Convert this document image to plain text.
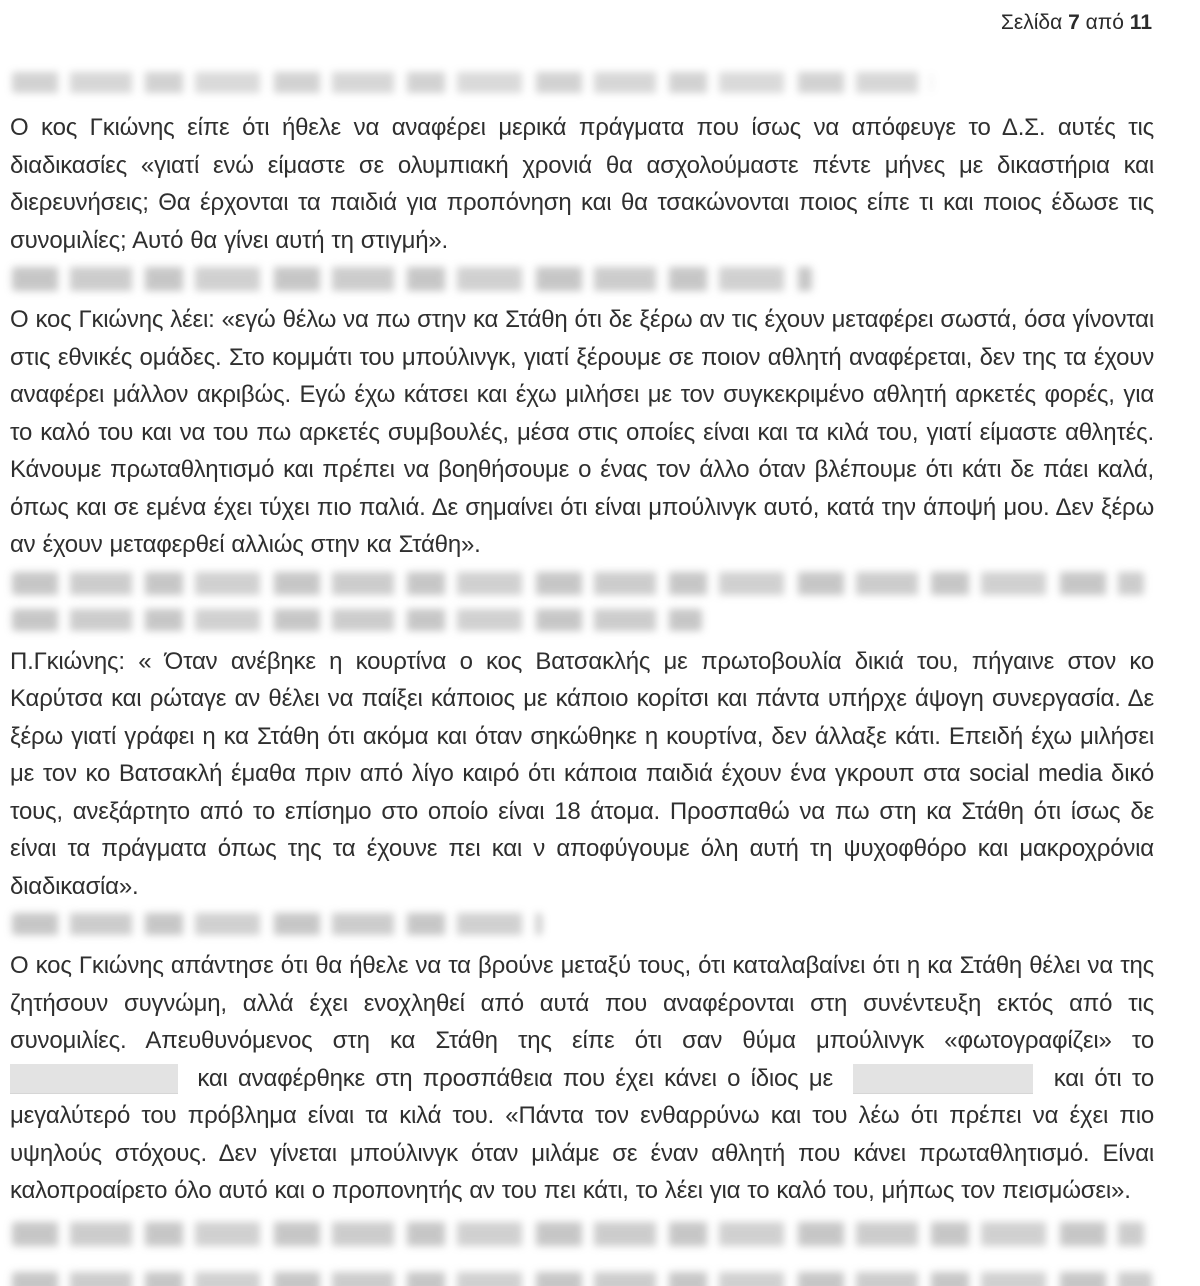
Σελίδα 7 από 11

Ο κος Γκιώνης είπε ότι ήθελε να αναφέρει μερικά πράγματα που ίσως να απόφευγε το Δ.Σ. αυτές τις διαδικασίες «γιατί ενώ είμαστε σε ολυμπιακή χρονιά θα ασχολούμαστε πέντε μήνες με δικαστήρια και διερευνήσεις; Θα έρχονται τα παιδιά για προπόνηση και θα τσακώνονται ποιος είπε τι και ποιος έδωσε τις συνομιλίες; Αυτό θα γίνει αυτή τη στιγμή».

Ο κος Γκιώνης λέει: «εγώ θέλω να πω στην κα Στάθη ότι δε ξέρω αν τις έχουν μεταφέρει σωστά, όσα γίνονται στις εθνικές ομάδες. Στο κομμάτι του μπούλινγκ, γιατί ξέρουμε σε ποιον αθλητή αναφέρεται, δεν της τα έχουν αναφέρει μάλλον ακριβώς. Εγώ έχω κάτσει και έχω μιλήσει με τον συγκεκριμένο αθλητή αρκετές φορές, για το καλό του και να του πω αρκετές συμβουλές, μέσα στις οποίες είναι και τα κιλά του, γιατί είμαστε αθλητές. Κάνουμε πρωταθλητισμό και πρέπει να βοηθήσουμε ο ένας τον άλλο όταν βλέπουμε ότι κάτι δε πάει καλά, όπως και σε εμένα έχει τύχει πιο παλιά. Δε σημαίνει ότι είναι μπούλινγκ αυτό, κατά την άποψή μου. Δεν ξέρω αν έχουν μεταφερθεί αλλιώς στην κα Στάθη».

Π.Γκιώνης: « Όταν ανέβηκε η κουρτίνα ο κος Βατσακλής με πρωτοβουλία δικιά του, πήγαινε στον κο Καρύτσα και ρώταγε αν θέλει να παίξει κάποιος με κάποιο κορίτσι και πάντα υπήρχε άψογη συνεργασία. Δε ξέρω γιατί γράφει η κα Στάθη ότι ακόμα και όταν σηκώθηκε η κουρτίνα, δεν άλλαξε κάτι. Επειδή έχω μιλήσει με τον κο Βατσακλή έμαθα πριν από λίγο καιρό ότι κάποια παιδιά έχουν ένα γκρουπ στα social media δικό τους, ανεξάρτητο από το επίσημο στο οποίο είναι 18 άτομα. Προσπαθώ να πω στη κα Στάθη ότι ίσως δε είναι τα πράγματα όπως της τα έχουνε πει και ν αποφύγουμε όλη αυτή τη ψυχοφθόρο και μακροχρόνια διαδικασία».

Ο κος Γκιώνης απάντησε ότι θα ήθελε να τα βρούνε μεταξύ τους, ότι καταλαβαίνει ότι η κα Στάθη θέλει να της ζητήσουν συγνώμη, αλλά έχει ενοχληθεί από αυτά που αναφέρονται στη συνέντευξη εκτός από τις συνομιλίες. Απευθυνόμενος στη κα Στάθη της είπε ότι σαν θύμα μπούλινγκ «φωτογραφίζει» το  και αναφέρθηκε στη προσπάθεια που έχει κάνει ο ίδιος με	και ότι το μεγαλύτερό του πρόβλημα είναι τα κιλά του. «Πάντα τον ενθαρρύνω και του λέω ότι πρέπει να έχει πιο υψηλούς στόχους. Δεν γίνεται μπούλινγκ όταν μιλάμε σε έναν αθλητή που κάνει πρωταθλητισμό. Είναι καλοπροαίρετο όλο αυτό και ο προπονητής αν του πει κάτι, το λέει για το καλό του, μήπως τον πεισμώσει».
